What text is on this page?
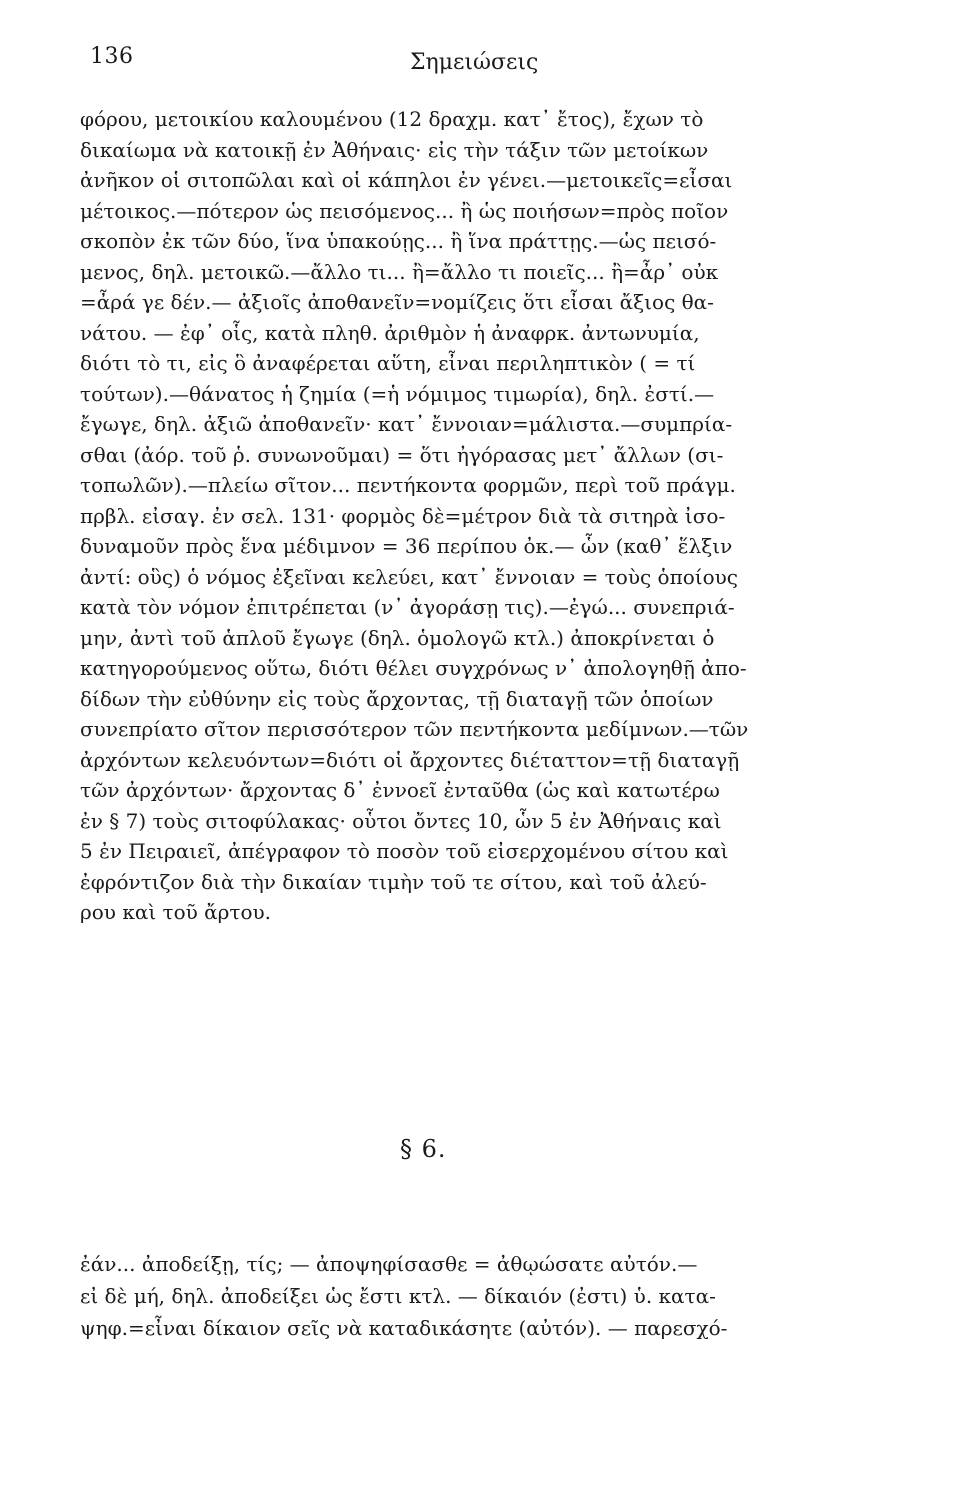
136	Σημειώσεις
φόρου, μετοικίου καλουμένου (12 δραχμ. κατ᾽ ἔτος), ἔχων τὸ
δικαίωμα νὰ κατοικῇ ἐν Ἀθήναις· εἰς τὴν τάξιν τῶν μετοίκων
ἀνῆκον οἱ σιτοπῶλαι καὶ οἱ κάπηλοι ἐν γένει.—μετοικεῖς=εἶσαι
μέτοικος.—πότερον ὡς πεισόμενος... ἢ ὡς ποιήσων=πρὸς ποῖον
σκοπὸν ἐκ τῶν δύο, ἵνα ὑπακούῃς... ἢ ἵνα πράττῃς.—ὡς πεισό-
μενος, δηλ. μετοικῶ.—ἄλλο τι... ἢ=ἄλλο τι ποιεῖς... ἢ=ἆρ᾽ οὐκ
=ἆρά γε δέν.— ἀξιοῖς ἀποθανεῖν=νομίζεις ὅτι εἶσαι ἄξιος θα-
νάτου. — ἐφ᾽ οἷς, κατὰ πληθ. ἀριθμὸν ἡ ἀναφρκ. ἀντωνυμία,
διότι τὸ τι, εἰς ὃ ἀναφέρεται αὕτη, εἶναι περιληπτικὸν ( = τί
τούτων).—θάνατος ἡ ζημία (=ἡ νόμιμος τιμωρία), δηλ. ἐστί.—
ἔγωγε, δηλ. ἀξιῶ ἀποθανεῖν· κατ᾽ ἔννοιαν=μάλιστα.—συμπρία-
σθαι (ἀόρ. τοῦ ῥ. συνωνοῦμαι) = ὅτι ἠγόρασας μετ᾽ ἄλλων (σι-
τοπωλῶν).—πλείω σῖτον... πεντήκοντα φορμῶν, περὶ τοῦ πράγμ.
πρβλ. εἰσαγ. ἐν σελ. 131· φορμὸς δὲ=μέτρον διὰ τὰ σιτηρὰ ἰσο-
δυναμοῦν πρὸς ἕνα μέδιμνον = 36 περίπου ὀκ.— ὧν (καθ᾽ ἕλξιν
ἀντί: οὓς) ὁ νόμος ἐξεῖναι κελεύει, κατ᾽ ἔννοιαν = τοὺς ὁποίους
κατὰ τὸν νόμον ἐπιτρέπεται (ν᾽ ἀγοράσῃ τις).—ἐγώ... συνεπριά-
μην, ἀντὶ τοῦ ἁπλοῦ ἔγωγε (δηλ. ὁμολογῶ κτλ.) ἀποκρίνεται ὁ
κατηγορούμενος οὕτω, διότι θέλει συγχρόνως ν᾽ ἀπολογηθῇ ἀπο-
δίδων τὴν εὐθύνην εἰς τοὺς ἄρχοντας, τῇ διαταγῇ τῶν ὁποίων
συνεπρίατο σῖτον περισσότερον τῶν πεντήκοντα μεδίμνων.—τῶν
ἀρχόντων κελευόντων=διότι οἱ ἄρχοντες διέταττον=τῇ διαταγῇ
τῶν ἀρχόντων· ἄρχοντας δ᾽ ἐννοεῖ ἐνταῦθα (ὡς καὶ κατωτέρω
ἐν § 7) τοὺς σιτοφύλακας· οὗτοι ὄντες 10, ὧν 5 ἐν Ἀθήναις καὶ
5 ἐν Πειραιεῖ, ἀπέγραφον τὸ ποσὸν τοῦ εἰσερχομένου σίτου καὶ
ἐφρόντιζον διὰ τὴν δικαίαν τιμὴν τοῦ τε σίτου, καὶ τοῦ ἀλεύ-
ρου καὶ τοῦ ἄρτου.
§ 6.
ἐάν... ἀποδείξῃ, τίς; — ἀποψηφίσασθε = ἀθῳώσατε αὐτόν.—
εἰ δὲ μή, δηλ. ἀποδείξει ὡς ἔστι κτλ. — δίκαιόν (ἐστι) ὑ. κατα-
ψηφ.=εἶναι δίκαιον σεῖς νὰ καταδικάσητε (αὐτόν). — παρεσχό-
